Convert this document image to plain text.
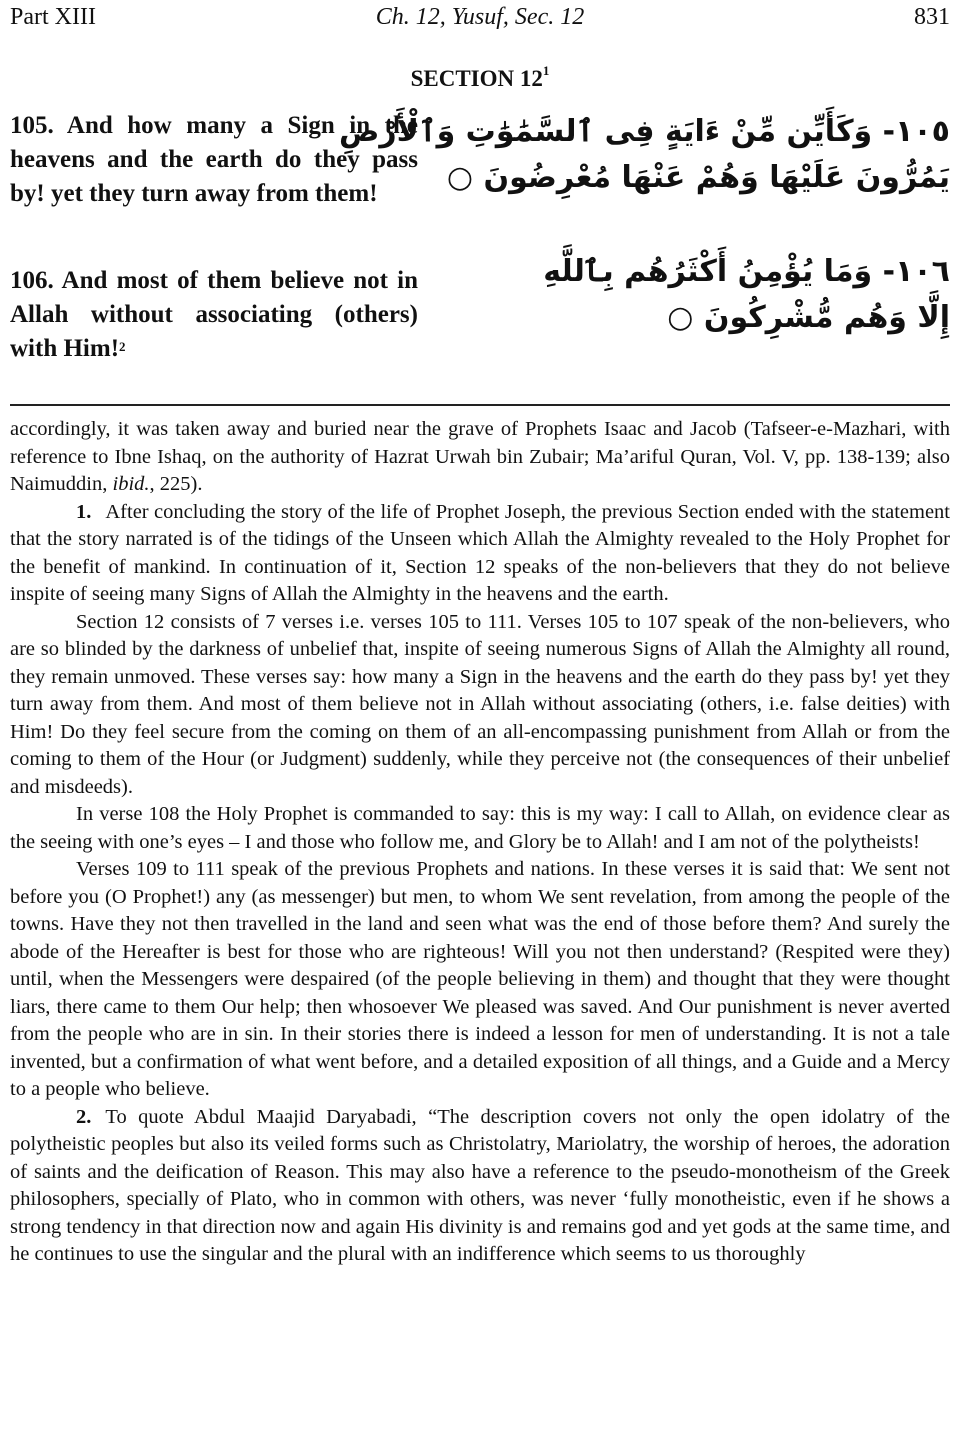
Part XIII	Ch. 12, Yusuf, Sec. 12	831
SECTION $12^1$
105. And how many a Sign in the heavens and the earth do they pass by! yet they turn away from them!
١٠٥- وَكَأَيِّن مِّنْ ءَايَةٍ فِى ٱلسَّمَٰوَٰتِ وَٱلْأَرْضِ
يَمُرُّونَ عَلَيْهَا وَهُمْ عَنْهَا مُعْرِضُونَ ○
106. And most of them believe not in Allah without associating (others) with Him!$^2$
١٠٦- وَمَا يُؤْمِنُ أَكْثَرُهُم بِٱللَّهِ
إِلَّا وَهُم مُّشْرِكُونَ ○

accordingly, it was taken away and buried near the grave of Prophets Isaac and Jacob (Tafseer-e-Mazhari, with reference to Ibne Ishaq, on the authority of Hazrat Urwah bin Zubair; Ma’ariful Quran, Vol. V, pp. 138-139; also Naimuddin, ibid., 225).

1. After concluding the story of the life of Prophet Joseph, the previous Section ended with the statement that the story narrated is of the tidings of the Unseen which Allah the Almighty revealed to the Holy Prophet for the benefit of mankind. In continuation of it, Section 12 speaks of the non-believers that they do not believe inspite of seeing many Signs of Allah the Almighty in the heavens and the earth.

Section 12 consists of 7 verses i.e. verses 105 to 111. Verses 105 to 107 speak of the non-believers, who are so blinded by the darkness of unbelief that, inspite of seeing numerous Signs of Allah the Almighty all round, they remain unmoved. These verses say: how many a Sign in the heavens and the earth do they pass by! yet they turn away from them. And most of them believe not in Allah without associating (others, i.e. false deities) with Him! Do they feel secure from the coming on them of an all-encompassing punishment from Allah or from the coming to them of the Hour (or Judgment) suddenly, while they perceive not (the consequences of their unbelief and misdeeds).

In verse 108 the Holy Prophet is commanded to say: this is my way: I call to Allah, on evidence clear as the seeing with one’s eyes – I and those who follow me, and Glory be to Allah! and I am not of the polytheists!

Verses 109 to 111 speak of the previous Prophets and nations. In these verses it is said that: We sent not before you (O Prophet!) any (as messenger) but men, to whom We sent revelation, from among the people of the towns. Have they not then travelled in the land and seen what was the end of those before them? And surely the abode of the Hereafter is best for those who are righteous! Will you not then understand? (Respited were they) until, when the Messengers were despaired (of the people believing in them) and thought that they were thought liars, there came to them Our help; then whosoever We pleased was saved. And Our punishment is never averted from the people who are in sin. In their stories there is indeed a lesson for men of understanding. It is not a tale invented, but a confirmation of what went before, and a detailed exposition of all things, and a Guide and a Mercy to a people who believe.

2. To quote Abdul Maajid Daryabadi, “The description covers not only the open idolatry of the polytheistic peoples but also its veiled forms such as Christolatry, Mariolatry, the worship of heroes, the adoration of saints and the deification of Reason. This may also have a reference to the pseudo-monotheism of the Greek philosophers, specially of Plato, who in common with others, was never ‘fully monotheistic, even if he shows a strong tendency in that direction now and again His divinity is and remains god and yet gods at the same time, and he continues to use the singular and the plural with an indifference which seems to us thoroughly
